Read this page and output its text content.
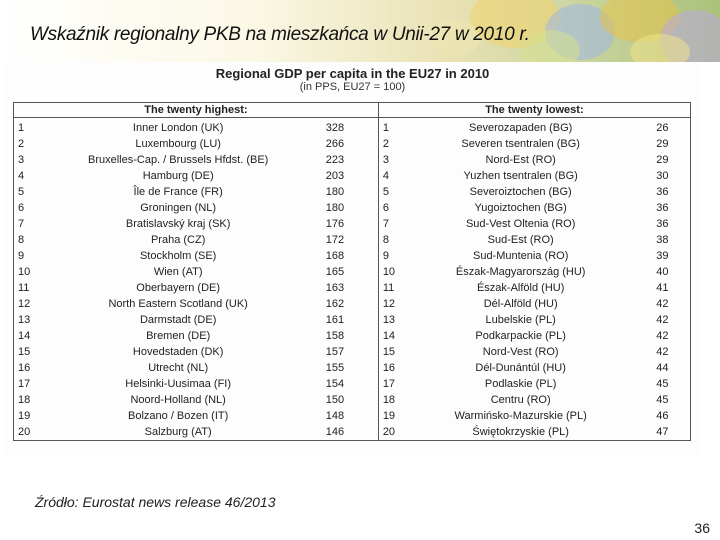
Wskaźnik regionalny PKB na mieszkańca w Unii-27 w 2010 r.
Regional GDP per capita in the EU27 in 2010
(in PPS, EU27 = 100)
The twenty highest:			The twenty lowest:		
1	Inner London (UK)	328	1	Severozapaden (BG)	26
2	Luxembourg (LU)	266	2	Severen tsentralen (BG)	29
3	Bruxelles-Cap. / Brussels Hfdst. (BE)	223	3	Nord-Est (RO)	29
4	Hamburg (DE)	203	4	Yuzhen tsentralen (BG)	30
5	Île de France (FR)	180	5	Severoiztochen (BG)	36
6	Groningen (NL)	180	6	Yugoiztochen (BG)	36
7	Bratislavský kraj (SK)	176	7	Sud-Vest Oltenia (RO)	36
8	Praha (CZ)	172	8	Sud-Est (RO)	38
9	Stockholm (SE)	168	9	Sud-Muntenia (RO)	39
10	Wien (AT)	165	10	Észak-Magyarország (HU)	40
11	Oberbayern (DE)	163	11	Észak-Alföld (HU)	41
12	North Eastern Scotland (UK)	162	12	Dél-Alföld (HU)	42
13	Darmstadt (DE)	161	13	Lubelskie (PL)	42
14	Bremen (DE)	158	14	Podkarpackie (PL)	42
15	Hovedstaden (DK)	157	15	Nord-Vest (RO)	42
16	Utrecht (NL)	155	16	Dél-Dunántúl (HU)	44
17	Helsinki-Uusimaa (FI)	154	17	Podlaskie (PL)	45
18	Noord-Holland (NL)	150	18	Centru (RO)	45
19	Bolzano / Bozen (IT)	148	19	Warmińsko-Mazurskie (PL)	46
20	Salzburg (AT)	146	20	Świętokrzyskie (PL)	47
Źródło: Eurostat news release 46/2013
36
